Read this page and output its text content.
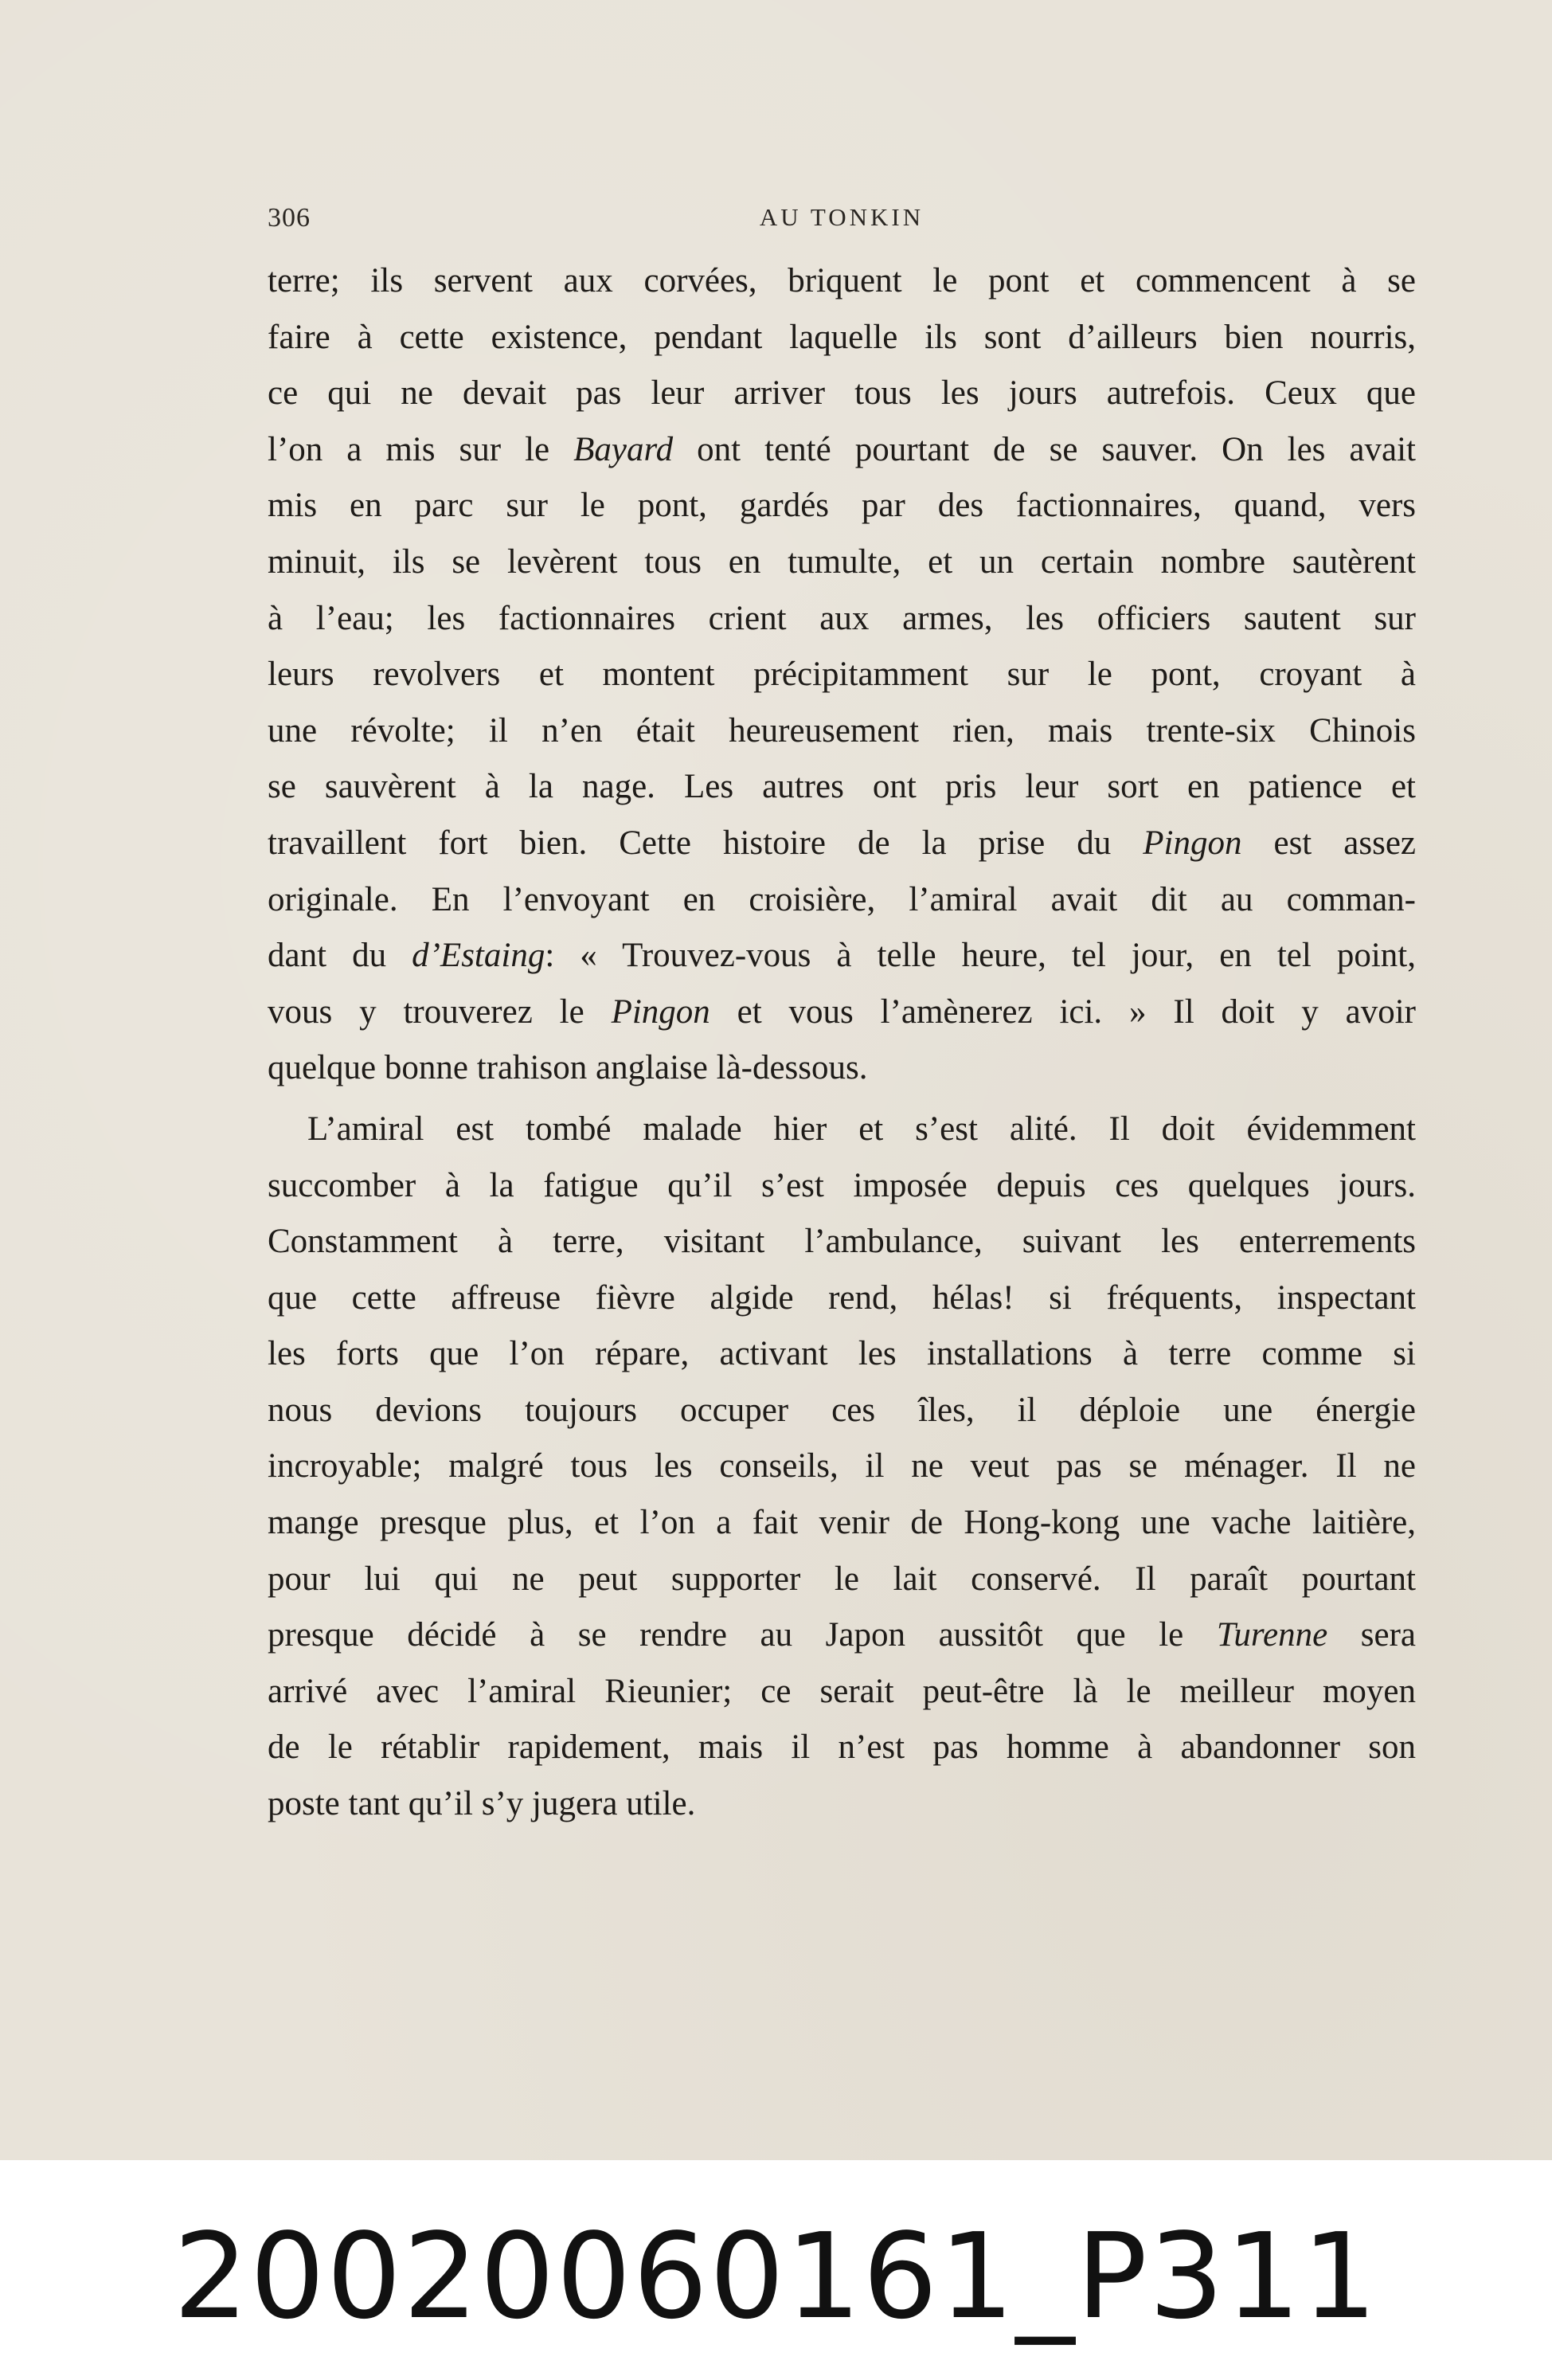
306	AU TONKIN
terre; ils servent aux corvées, briquent le pont et commencent à se
faire à cette existence, pendant laquelle ils sont d’ailleurs bien nourris,
ce qui ne devait pas leur arriver tous les jours autrefois. Ceux que
l’on a mis sur le Bayard ont tenté pourtant de se sauver. On les avait
mis en parc sur le pont, gardés par des factionnaires, quand, vers
minuit, ils se levèrent tous en tumulte, et un certain nombre sautèrent
à l’eau; les factionnaires crient aux armes, les officiers sautent sur
leurs revolvers et montent précipitamment sur le pont, croyant à
une révolte; il n’en était heureusement rien, mais trente-six Chinois
se sauvèrent à la nage. Les autres ont pris leur sort en patience et
travaillent fort bien. Cette histoire de la prise du Pingon est assez
originale. En l’envoyant en croisière, l’amiral avait dit au comman-
dant du d’Estaing: « Trouvez-vous à telle heure, tel jour, en tel point,
vous y trouverez le Pingon et vous l’amènerez ici. » Il doit y avoir
quelque bonne trahison anglaise là-dessous.
L’amiral est tombé malade hier et s’est alité. Il doit évidemment
succomber à la fatigue qu’il s’est imposée depuis ces quelques jours.
Constamment à terre, visitant l’ambulance, suivant les enterrements
que cette affreuse fièvre algide rend, hélas! si fréquents, inspectant
les forts que l’on répare, activant les installations à terre comme si
nous devions toujours occuper ces îles, il déploie une énergie
incroyable; malgré tous les conseils, il ne veut pas se ménager. Il ne
mange presque plus, et l’on a fait venir de Hong-kong une vache laitière,
pour lui qui ne peut supporter le lait conservé. Il paraît pourtant
presque décidé à se rendre au Japon aussitôt que le Turenne sera
arrivé avec l’amiral Rieunier; ce serait peut-être là le meilleur moyen
de le rétablir rapidement, mais il n’est pas homme à abandonner son
poste tant qu’il s’y jugera utile.
20020060161_P311
